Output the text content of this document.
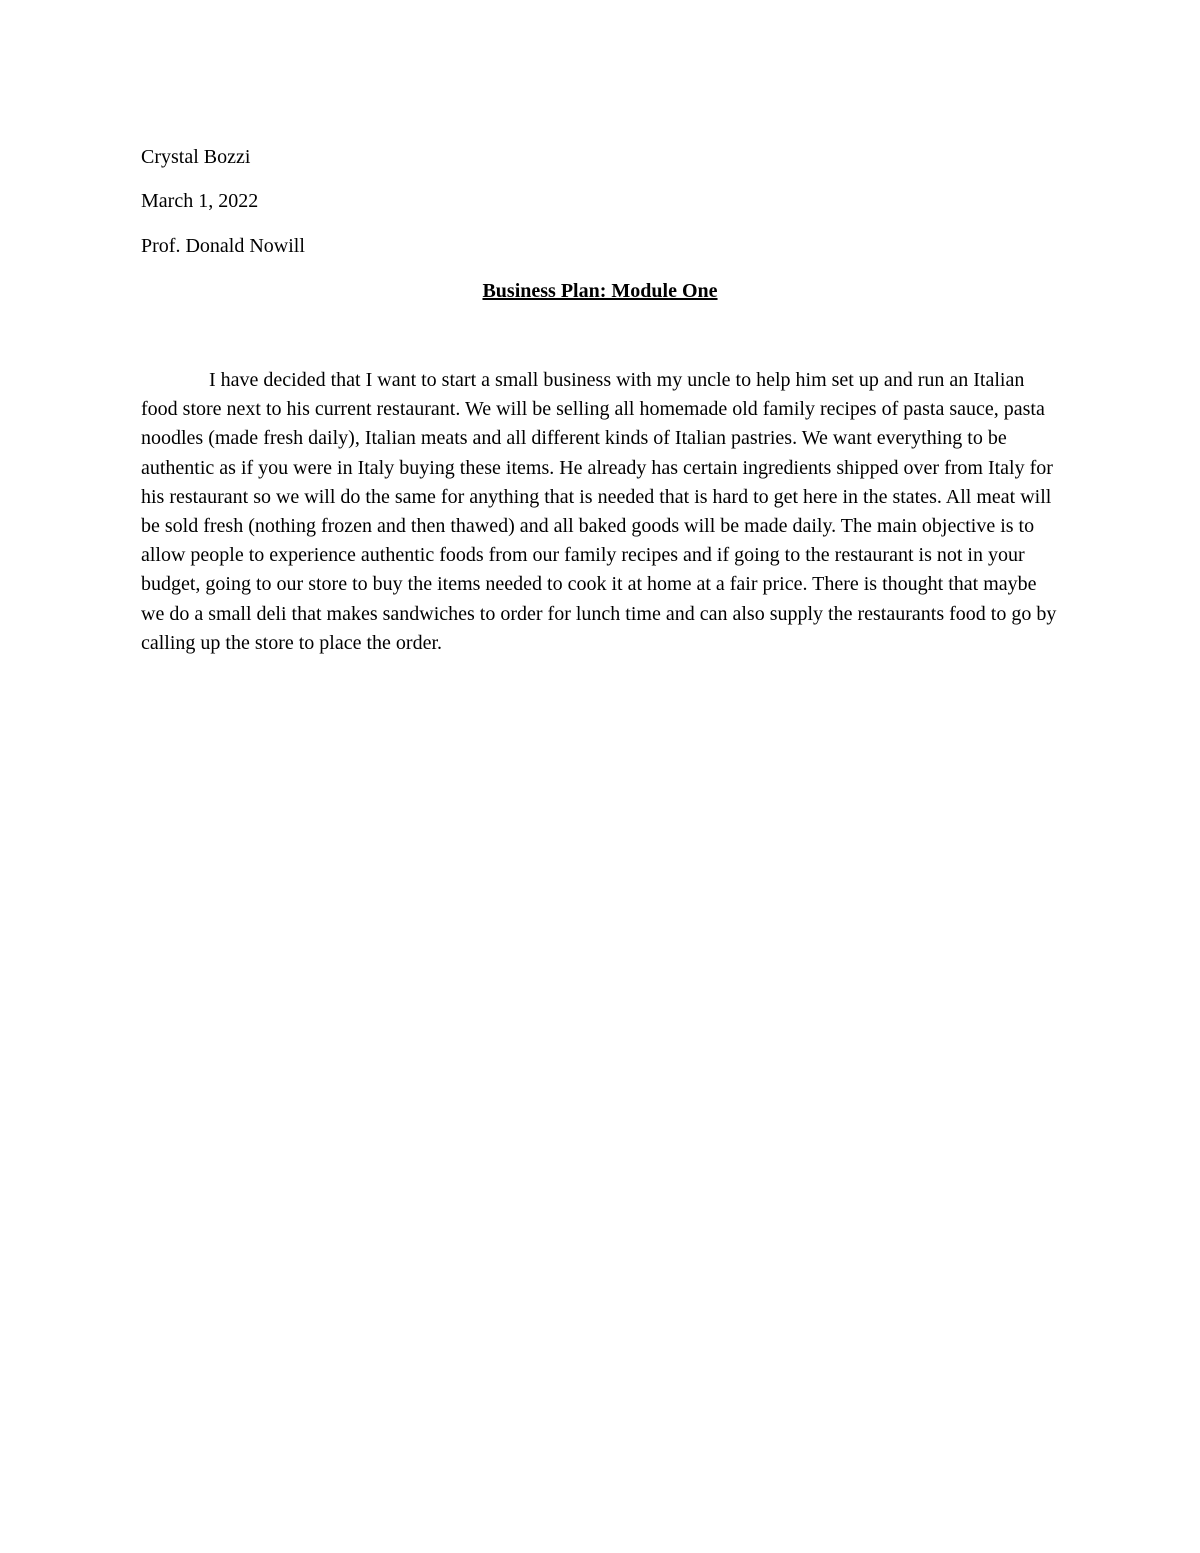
Crystal Bozzi
March 1, 2022
Prof. Donald Nowill
Business Plan: Module One

I have decided that I want to start a small business with my uncle to help him set up and run an Italian food store next to his current restaurant. We will be selling all homemade old family recipes of pasta sauce, pasta noodles (made fresh daily), Italian meats and all different kinds of Italian pastries. We want everything to be authentic as if you were in Italy buying these items. He already has certain ingredients shipped over from Italy for his restaurant so we will do the same for anything that is needed that is hard to get here in the states. All meat will be sold fresh (nothing frozen and then thawed) and all baked goods will be made daily. The main objective is to allow people to experience authentic foods from our family recipes and if going to the restaurant is not in your budget, going to our store to buy the items needed to cook it at home at a fair price. There is thought that maybe we do a small deli that makes sandwiches to order for lunch time and can also supply the restaurants food to go by calling up the store to place the order.
